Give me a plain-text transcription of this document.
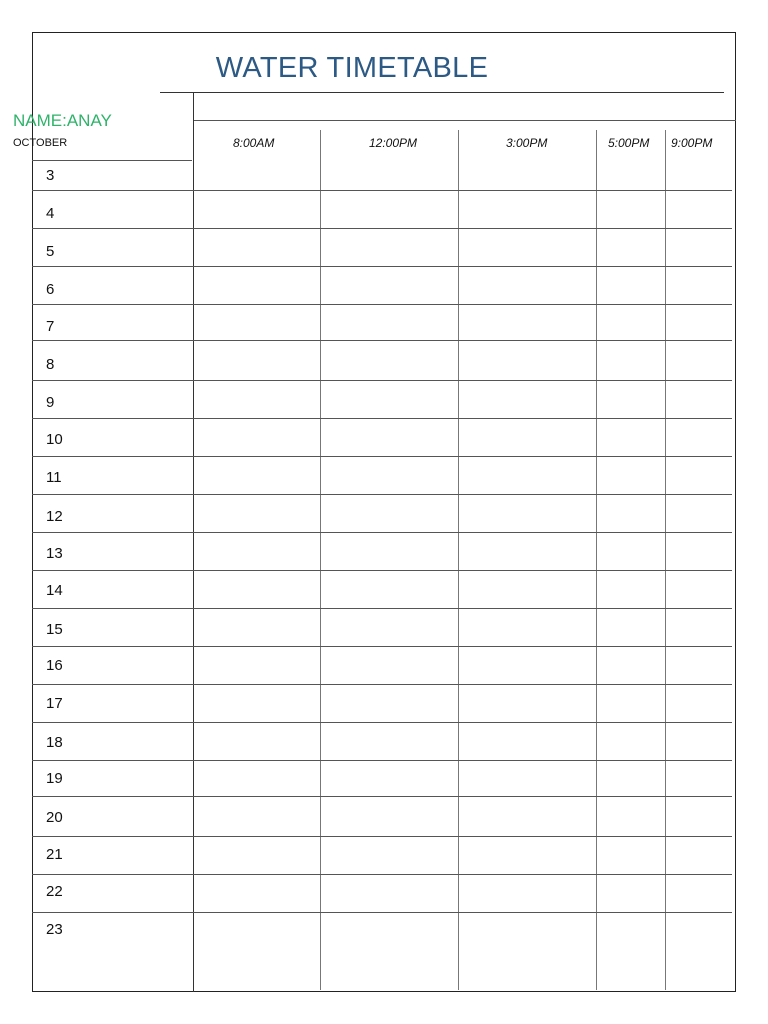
WATER TIMETABLE
NAME:ANAY
OCTOBER	8:00AM	12:00PM	3:00PM	5:00PM 9:00PM
3
4
5
6
7
8
9
10
11
12
13
14
15
16
17
18
19
20
21
22
23
